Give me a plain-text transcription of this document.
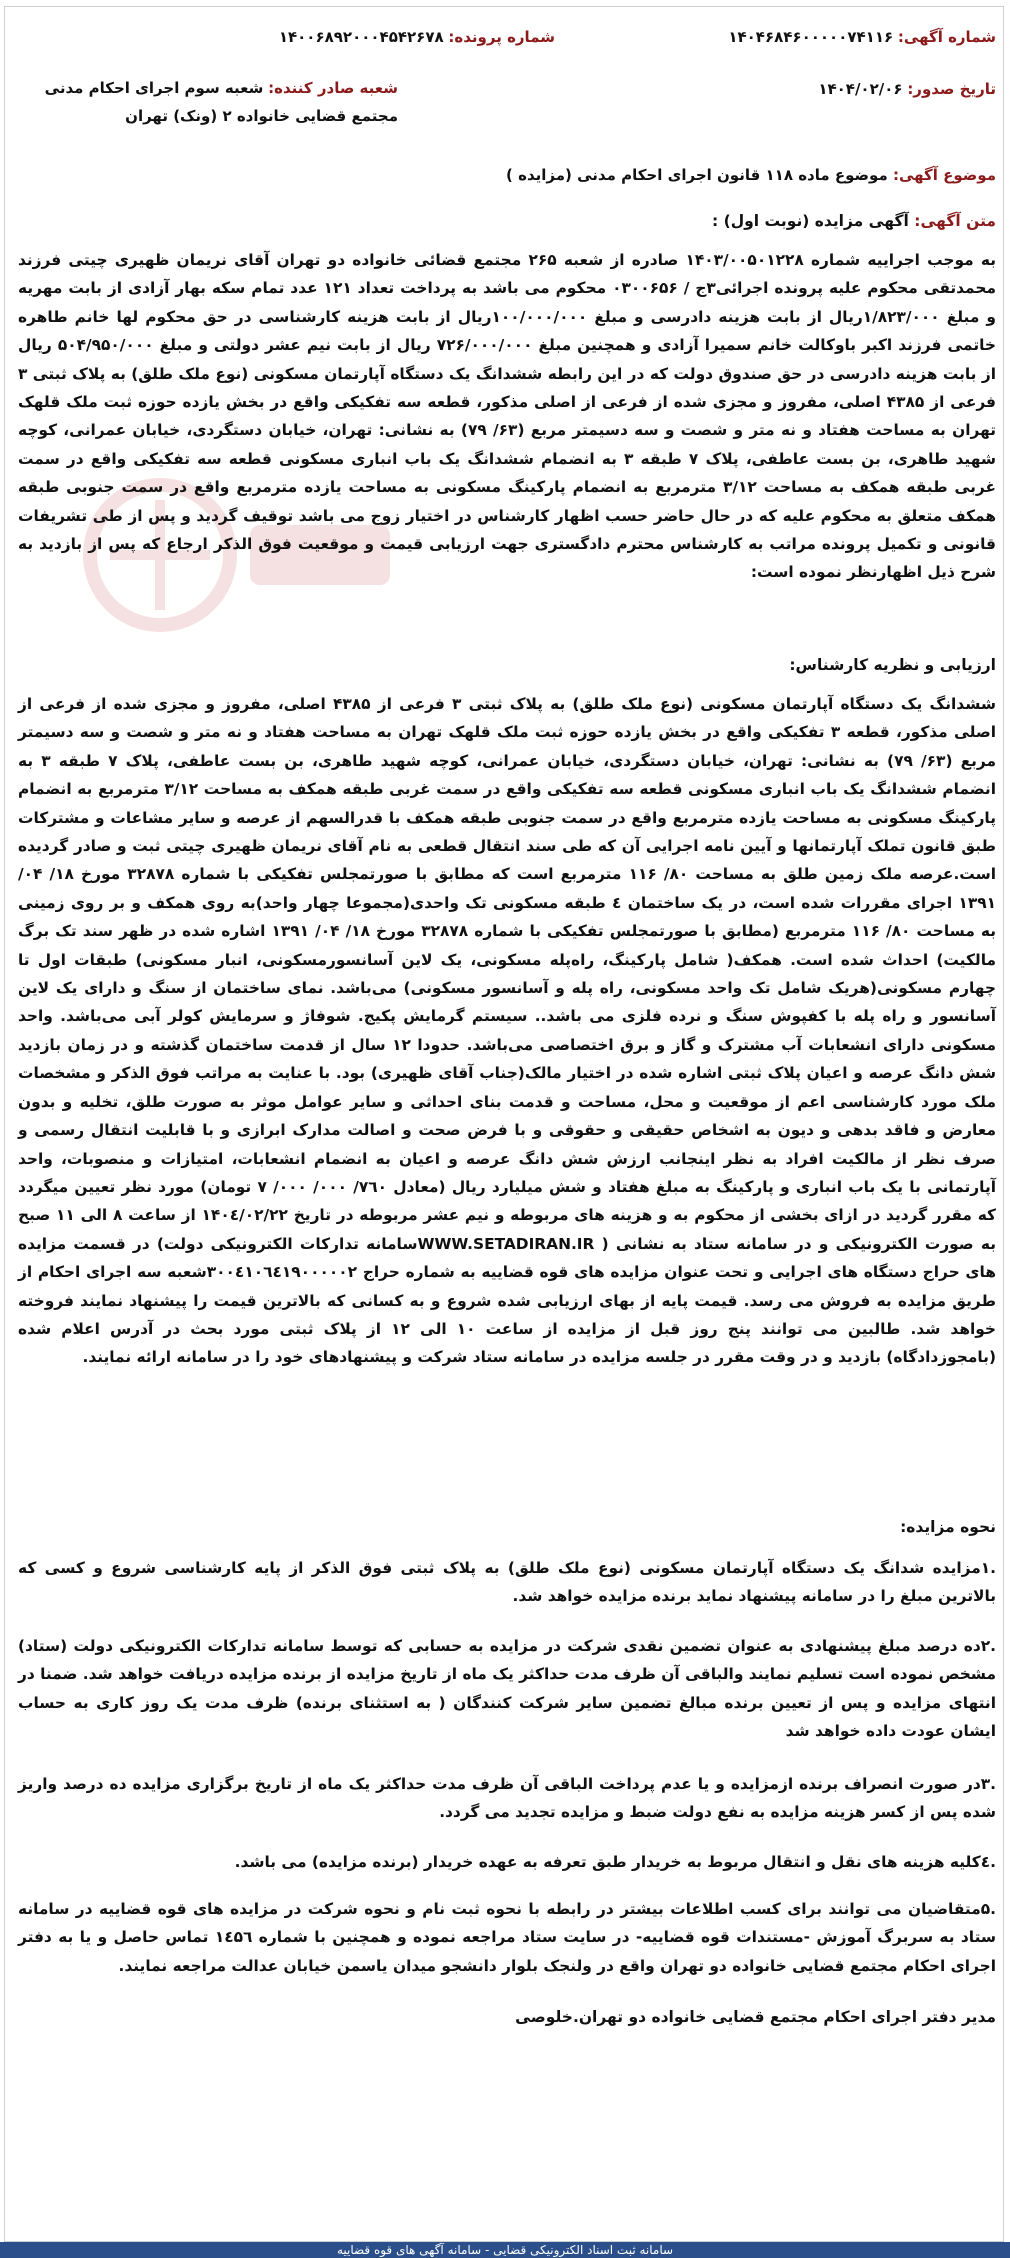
شماره آگهی: ۱۴۰۴۶۸۴۶۰۰۰۰۰۷۴۱۱۶
شماره پرونده: ۱۴۰۰۶۸۹۲۰۰۰۴۵۴۲۶۷۸
تاریخ صدور: ۱۴۰۴/۰۲/۰۶
شعبه صادر کننده: شعبه سوم اجرای احکام مدنی مجتمع قضایی خانواده ۲ (ونک) تهران
موضوع آگهی: موضوع ماده ۱۱۸ قانون اجرای احکام مدنی (مزایده )
متن آگهی: آگهی مزایده (نوبت اول) :
به موجب اجراییه شماره ۱۴۰۳/۰۰۵۰۱۲۲۸ صادره از شعبه ۲۶۵ مجتمع قضائی خانواده دو تهران آقای نریمان ظهیری چیتی فرزند محمدتقی محکوم علیه پرونده اجرائی۳ج / ۰۳۰۰۶۵۶ محکوم می باشد به پرداخت تعداد ۱۲۱ عدد تمام سکه بهار آزادی از بابت مهریه و مبلغ ۱/۸۲۳/۰۰۰ریال از بابت هزینه دادرسی و مبلغ ۱۰۰/۰۰۰/۰۰۰ریال از بابت هزینه کارشناسی در حق محکوم لها خانم طاهره خاتمی فرزند اکبر باوکالت خانم سمیرا آزادی و همچنین مبلغ ۷۲۶/۰۰۰/۰۰۰ ریال از بابت نیم عشر دولتی و مبلغ ۵۰۴/۹۵۰/۰۰۰ ریال از بابت هزینه دادرسی در حق صندوق دولت که در این رابطه ششدانگ یک دستگاه آپارتمان مسکونی (نوع ملک طلق) به پلاک ثبتی ۳ فرعی از ۴۳۸۵ اصلی، مفروز و مجزی شده از فرعی از اصلی مذکور، قطعه سه تفکیکی واقع در بخش یازده حوزه ثبت ملک قلهک تهران به مساحت هفتاد و نه متر و شصت و سه دسیمتر مربع (۶۳/ ۷۹) به نشانی: تهران، خیابان دستگردی، خیابان عمرانی، کوچه شهید طاهری، بن بست عاطفی، پلاک ۷ طبقه ۳ به انضمام ششدانگ یک باب انباری مسکونی قطعه سه تفکیکی واقع در سمت غربی طبقه همکف به مساحت ۳/۱۲ مترمربع به انضمام پارکینگ مسکونی به مساحت یازده مترمربع واقع در سمت جنوبی طبقه همکف متعلق به محکوم علیه که در حال حاضر حسب اظهار کارشناس در اختیار زوج می باشد توقیف گردید و پس از طی تشریفات قانونی و تکمیل پرونده مراتب به کارشناس محترم دادگستری جهت ارزیابی قیمت و موقعیت فوق الذکر ارجاع که پس از بازدید به شرح ذیل اظهارنظر نموده است:
ارزیابی و نظریه کارشناس:
ششدانگ یک دستگاه آپارتمان مسکونی (نوع ملک طلق) به پلاک ثبتی ۳ فرعی از ۴۳۸۵ اصلی، مفروز و مجزی شده از فرعی از اصلی مذکور، قطعه ۳ تفکیکی واقع در بخش یازده حوزه ثبت ملک قلهک تهران به مساحت هفتاد و نه متر و شصت و سه دسیمتر مربع (۶۳/ ۷۹) به نشانی: تهران، خیابان دستگردی، خیابان عمرانی، کوچه شهید طاهری، بن بست عاطفی، پلاک ۷ طبقه ۳ به انضمام ششدانگ یک باب انباری مسکونی قطعه سه تفکیکی واقع در سمت غربی طبقه همکف به مساحت ۳/۱۲ مترمربع به انضمام پارکینگ مسکونی به مساحت یازده مترمربع واقع در سمت جنوبی طبقه همکف با قدرالسهم از عرصه و سایر مشاعات و مشترکات طبق قانون تملک آپارتمانها و آیین نامه اجرایی آن که طی سند انتقال قطعی به نام آقای نریمان ظهیری چیتی ثبت و صادر گردیده است.عرصه ملک زمین طلق به مساحت ۸۰/ ۱۱۶ مترمربع است که مطابق با صورتمجلس تفکیکی با شماره ۳۲۸۷۸ مورخ ۱۸/ ۰۴/ ۱۳۹۱ اجرای مقررات شده است، در یک ساختمان ٤ طبقه مسکونی تک واحدی(مجموعا چهار واحد)به روی همکف و بر روی زمینی به مساحت ۸۰/ ۱۱۶ مترمربع (مطابق با صورتمجلس تفکیکی با شماره ۳۲۸۷۸ مورخ ۱۸/ ۰۴/ ۱۳۹۱ اشاره شده در ظهر سند تک برگ مالکیت) احداث شده است. همکف( شامل پارکینگ، راه‌پله مسکونی، یک لاین آسانسورمسکونی، انبار مسکونی) طبقات اول تا چهارم مسکونی(هریک شامل تک واحد مسکونی، راه پله و آسانسور مسکونی) می‌باشد. نمای ساختمان از سنگ و دارای یک لاین آسانسور و راه پله با کفپوش سنگ و نرده فلزی می باشد.. سیستم گرمایش پکیج. شوفاژ و سرمایش کولر آبی می‌باشد. واحد مسکونی دارای انشعابات آب مشترک و گاز و برق اختصاصی می‌باشد. حدودا ۱۲ سال از قدمت ساختمان گذشته و در زمان بازدید شش دانگ عرصه و اعیان پلاک ثبتی اشاره شده در اختیار مالک(جناب آقای ظهیری) بود. با عنایت به مراتب فوق الذکر و مشخصات ملک مورد کارشناسی اعم از موقعیت و محل، مساحت و قدمت بنای احداثی و سایر عوامل موثر به صورت طلق، تخلیه و بدون معارض و فاقد بدهی و دیون به اشخاص حقیقی و حقوقی و با فرض صحت و اصالت مدارک ابرازی و با قابلیت انتقال رسمی و صرف نظر از مالکیت افراد به نظر اینجانب ارزش شش دانگ عرصه و اعیان به انضمام انشعابات، امتیازات و منصوبات، واحد آپارتمانی با یک باب انباری و پارکینگ به مبلغ هفتاد و شش میلیارد ریال (معادل ۷٦۰/ ۰۰۰/ ۰۰۰/ ۷ تومان) مورد نظر تعیین میگردد که مقرر گردید در ازای بخشی از محکوم به و هزینه های مربوطه و نیم عشر مربوطه در تاریخ ۱۴۰٤/۰۲/۲۲ از ساعت ۸ الی ۱۱ صبح به صورت الکترونیکی و در سامانه ستاد به نشانی ( WWW.SETADIRAN.IRسامانه تدارکات الکترونیکی دولت) در قسمت مزایده های حراج دستگاه های اجرایی و تحت عنوان مزایده های قوه قضاییه به شماره حراج ۳۰۰٤۱۰٦٤۱۹۰۰۰۰۰۲شعبه سه اجرای احکام از طریق مزایده به فروش می رسد. قیمت پایه از بهای ارزیابی شده شروع و به کسانی که بالاترین قیمت را پیشنهاد نمایند فروخته خواهد شد. طالبین می توانند پنج روز قبل از مزایده از ساعت ۱۰ الی ۱۲ از پلاک ثبتی مورد بحث در آدرس اعلام شده (بامجوزدادگاه) بازدید و در وقت مقرر در جلسه مزایده در سامانه ستاد شرکت و پیشنهادهای خود را در سامانه ارائه نمایند.
نحوه مزایده:
.۱مزایده شدانگ یک دستگاه آپارتمان مسکونی (نوع ملک طلق) به پلاک ثبتی فوق الذکر از پایه کارشناسی شروع و کسی که بالاترین مبلغ را در سامانه پیشنهاد نماید برنده مزایده خواهد شد.
.۲ده درصد مبلغ پیشنهادی به عنوان تضمین نقدی شرکت در مزایده به حسابی که توسط سامانه تدارکات الکترونیکی دولت (ستاد) مشخص نموده است تسلیم نمایند والباقی آن ظرف مدت حداکثر یک ماه از تاریخ مزایده از برنده مزایده دریافت خواهد شد. ضمنا در انتهای مزایده و پس از تعیین برنده مبالغ تضمین سایر شرکت کنندگان ( به استثنای برنده) ظرف مدت یک روز کاری به حساب ایشان عودت داده خواهد شد
.۳در صورت انصراف برنده ازمزایده و یا عدم پرداخت الباقی آن ظرف مدت حداکثر یک ماه از تاریخ برگزاری مزایده ده درصد واریز شده پس از کسر هزینه مزایده به نفع دولت ضبط و مزایده تجدید می گردد.
.٤کلیه هزینه های نقل و انتقال مربوط به خریدار طبق تعرفه به عهده خریدار (برنده مزایده) می باشد.
.۵متقاضیان می توانند برای کسب اطلاعات بیشتر در رابطه با نحوه ثبت نام و نحوه شرکت در مزایده های قوه قضاییه در سامانه ستاد به سربرگ آموزش -مستندات قوه قضاییه- در سایت ستاد مراجعه نموده و همچنین با شماره ۱٤۵٦ تماس حاصل و یا به دفتر اجرای احکام مجتمع قضایی خانواده دو تهران واقع در ولنجک بلوار دانشجو میدان یاسمن خیابان عدالت مراجعه نمایند.
مدیر دفتر اجرای احکام مجتمع قضایی خانواده دو تهران.خلوصی
سامانه ثبت اسناد الکترونیکی قضایی - سامانه آگهی های قوه قضاییه
